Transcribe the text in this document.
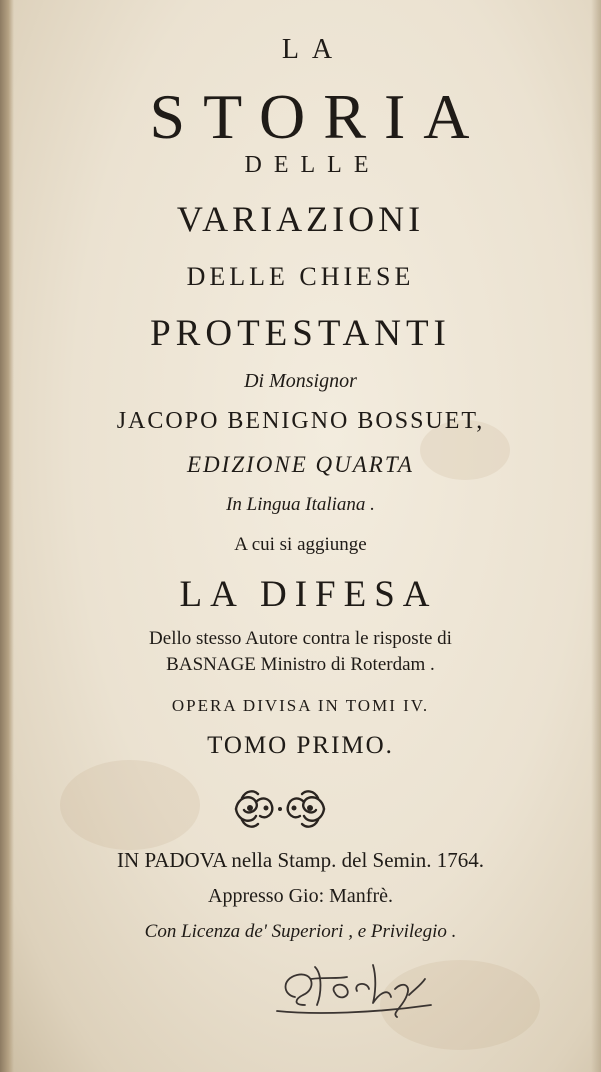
LA
STORIA
DELLE
VARIAZIONI
DELLE CHIESE
PROTESTANTI
Di Monsignor
JACOPO BENIGNO BOSSUET,
EDIZIONE QUARTA
In Lingua Italiana .
A cui si aggiunge
LA DIFESA
Dello stesso Autore contra le risposte di
BASNAGE Ministro di Roterdam .
OPERA DIVISA IN TOMI IV.
TOMO PRIMO.
IN PADOVA nella Stamp. del Semin. 1764.
Appresso Gio: Manfrè.
Con Licenza de' Superiori , e Privilegio .
